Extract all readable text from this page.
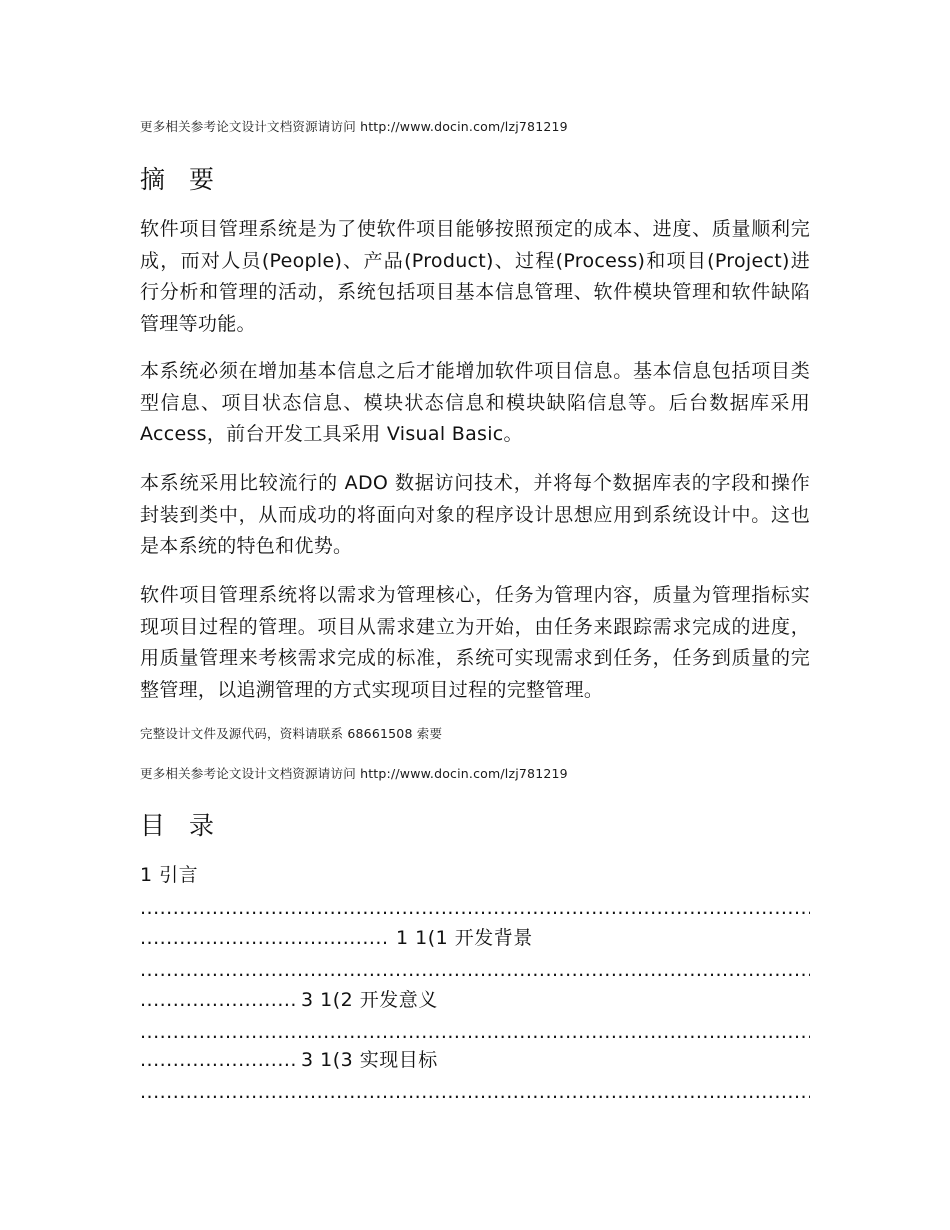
更多相关参考论文设计文档资源请访问 http://www.docin.com/lzj781219
摘 要
软件项目管理系统是为了使软件项目能够按照预定的成本、进度、质量顺利完成，而对人员(People)、产品(Product)、过程(Process)和项目(Project)进行分析和管理的活动，系统包括项目基本信息管理、软件模块管理和软件缺陷管理等功能。
本系统必须在增加基本信息之后才能增加软件项目信息。基本信息包括项目类型信息、项目状态信息、模块状态信息和模块缺陷信息等。后台数据库采用 Access，前台开发工具采用 Visual Basic。
本系统采用比较流行的 ADO 数据访问技术，并将每个数据库表的字段和操作封装到类中，从而成功的将面向对象的程序设计思想应用到系统设计中。这也是本系统的特色和优势。
软件项目管理系统将以需求为管理核心，任务为管理内容，质量为管理指标实现项目过程的管理。项目从需求建立为开始，由任务来跟踪需求完成的进度，用质量管理来考核需求完成的标准，系统可实现需求到任务，任务到质量的完整管理，以追溯管理的方式实现项目过程的完整管理。
完整设计文件及源代码，资料请联系 68661508 索要
更多相关参考论文设计文档资源请访问 http://www.docin.com/lzj781219
目 录
1 引言
.....
..... 1 1(1 开发背景
.....
..... 3 1(2 开发意义
.....
..... 3 1(3 实现目标
.....
